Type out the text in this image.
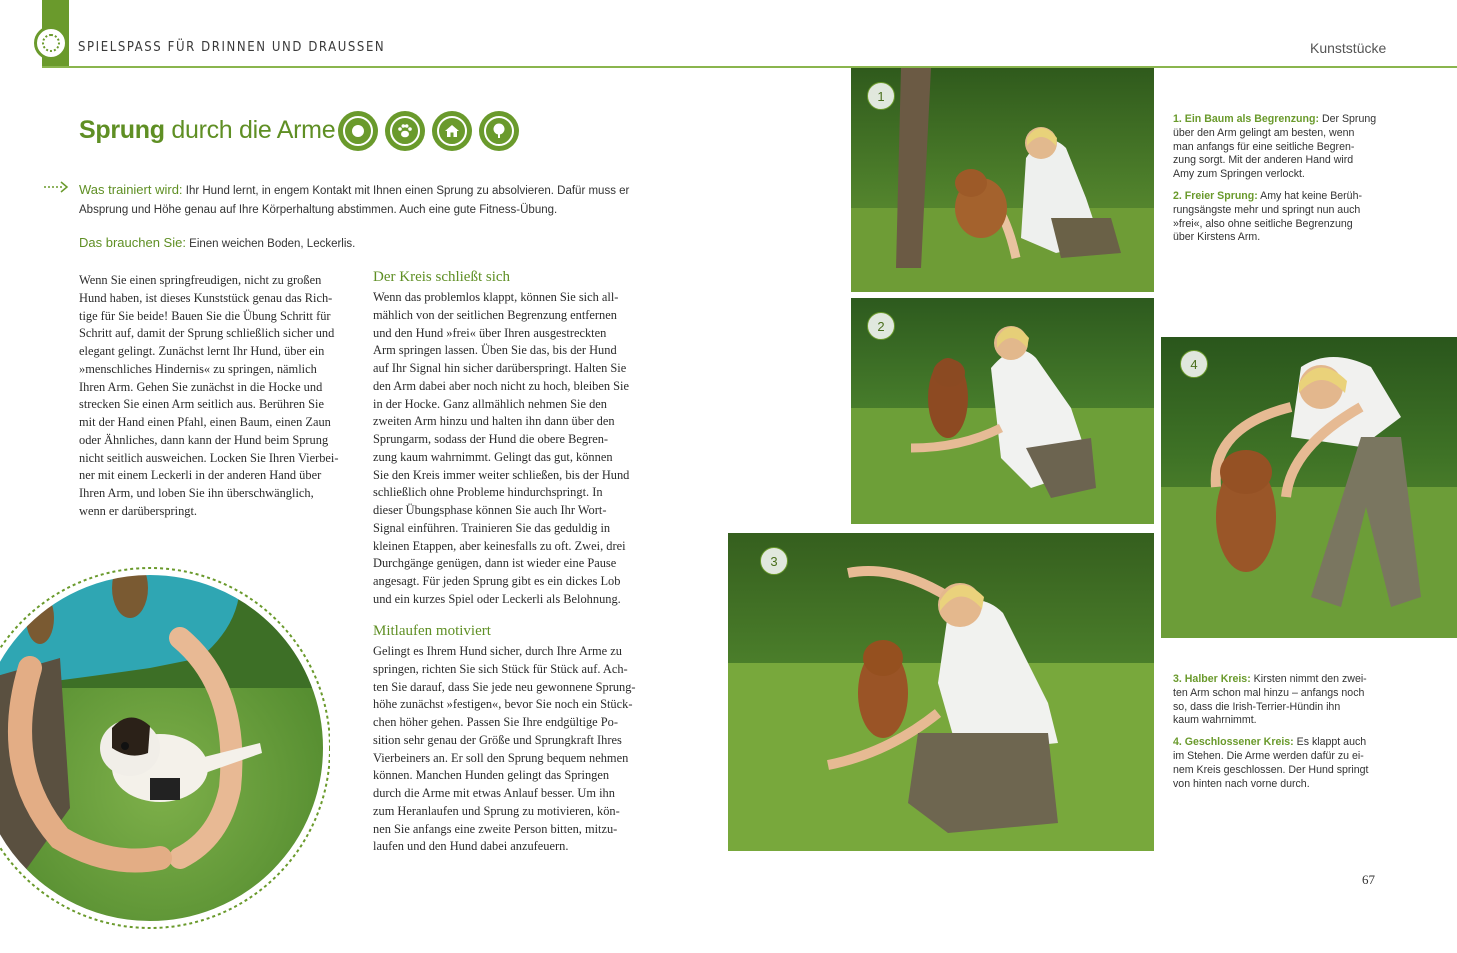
SPIELSPASS FÜR DRINNEN UND DRAUSSEN	Kunststücke
Sprung durch die Arme
Was trainiert wird: Ihr Hund lernt, in engem Kontakt mit Ihnen einen Sprung zu absolvieren. Dafür muss er
Absprung und Höhe genau auf Ihre Körperhaltung abstimmen. Auch eine gute Fitness-Übung.
Das brauchen Sie: Einen weichen Boden, Leckerlis.

Wenn Sie einen springfreudigen, nicht zu großen

Hund haben, ist dieses Kunststück genau das Rich-

tige für Sie beide! Bauen Sie die Übung Schritt für

Schritt auf, damit der Sprung schließlich sicher und

elegant gelingt. Zunächst lernt Ihr Hund, über ein

»menschliches Hindernis« zu springen, nämlich

Ihren Arm. Gehen Sie zunächst in die Hocke und

strecken Sie einen Arm seitlich aus. Berühren Sie

mit der Hand einen Pfahl, einen Baum, einen Zaun

oder Ähnliches, dann kann der Hund beim Sprung

nicht seitlich ausweichen. Locken Sie Ihren Vierbei-

ner mit einem Leckerli in der anderen Hand über

Ihren Arm, und loben Sie ihn überschwänglich,

wenn er darüberspringt.

Der Kreis schließt sich

Wenn das problemlos klappt, können Sie sich all-

mählich von der seitlichen Begrenzung entfernen

und den Hund »frei« über Ihren ausgestreckten

Arm springen lassen. Üben Sie das, bis der Hund

auf Ihr Signal hin sicher darüberspringt. Halten Sie

den Arm dabei aber noch nicht zu hoch, bleiben Sie

in der Hocke. Ganz allmählich nehmen Sie den

zweiten Arm hinzu und halten ihn dann über den

Sprungarm, sodass der Hund die obere Begren-

zung kaum wahrnimmt. Gelingt das gut, können

Sie den Kreis immer weiter schließen, bis der Hund

schließlich ohne Probleme hindurchspringt. In

dieser Übungsphase können Sie auch Ihr Wort-

Signal einführen. Trainieren Sie das geduldig in

kleinen Etappen, aber keinesfalls zu oft. Zwei, drei

Durchgänge genügen, dann ist wieder eine Pause

angesagt. Für jeden Sprung gibt es ein dickes Lob

und ein kurzes Spiel oder Leckerli als Belohnung.

Mitlaufen motiviert

Gelingt es Ihrem Hund sicher, durch Ihre Arme zu

springen, richten Sie sich Stück für Stück auf. Ach-

ten Sie darauf, dass Sie jede neu gewonnene Sprung-

höhe zunächst »festigen«, bevor Sie noch ein Stück-

chen höher gehen. Passen Sie Ihre endgültige Po-

sition sehr genau der Größe und Sprungkraft Ihres

Vierbeiners an. Er soll den Sprung bequem nehmen

können. Manchen Hunden gelingt das Springen

durch die Arme mit etwas Anlauf besser. Um ihn

zum Heranlaufen und Sprung zu motivieren, kön-

nen Sie anfangs eine zweite Person bitten, mitzu-

laufen und den Hund dabei anzufeuern.

1
2
3
4

1. Ein Baum als Begrenzung: Der Sprung
über den Arm gelingt am besten, wenn
man anfangs für eine seitliche Begren-
zung sorgt. Mit der anderen Hand wird
Amy zum Springen verlockt.

2. Freier Sprung: Amy hat keine Berüh-
rungsängste mehr und springt nun auch
»frei«, also ohne seitliche Begrenzung
über Kirstens Arm.

3. Halber Kreis: Kirsten nimmt den zwei-
ten Arm schon mal hinzu – anfangs noch
so, dass die Irish-Terrier-Hündin ihn
kaum wahrnimmt.

4. Geschlossener Kreis: Es klappt auch
im Stehen. Die Arme werden dafür zu ei-
nem Kreis geschlossen. Der Hund springt
von hinten nach vorne durch.

67
